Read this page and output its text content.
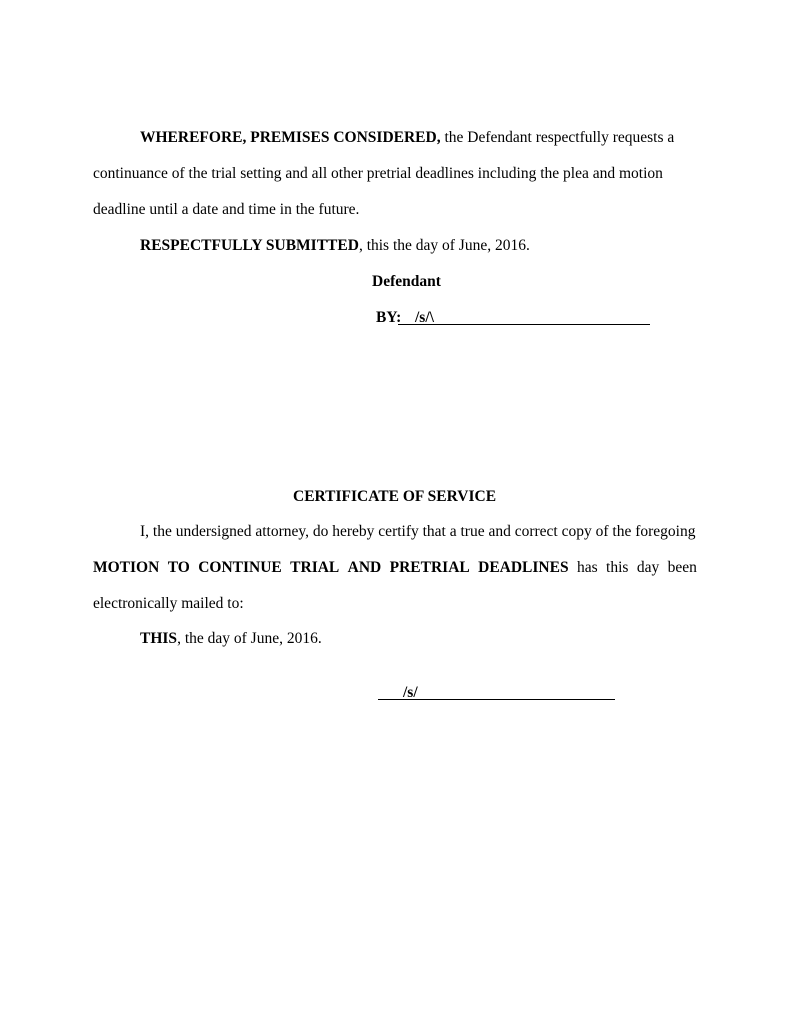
WHEREFORE, PREMISES CONSIDERED, the Defendant respectfully requests a
continuance of the trial setting and all other pretrial deadlines including the plea and motion
deadline until a date and time in the future.
RESPECTFULLY SUBMITTED, this the day of June, 2016.
Defendant
BY: /s/\
CERTIFICATE OF SERVICE
I, the undersigned attorney, do hereby certify that a true and correct copy of the foregoing
MOTION TO CONTINUE TRIAL AND PRETRIAL DEADLINES has this day been
electronically mailed to:
THIS, the day of June, 2016.
/s/
